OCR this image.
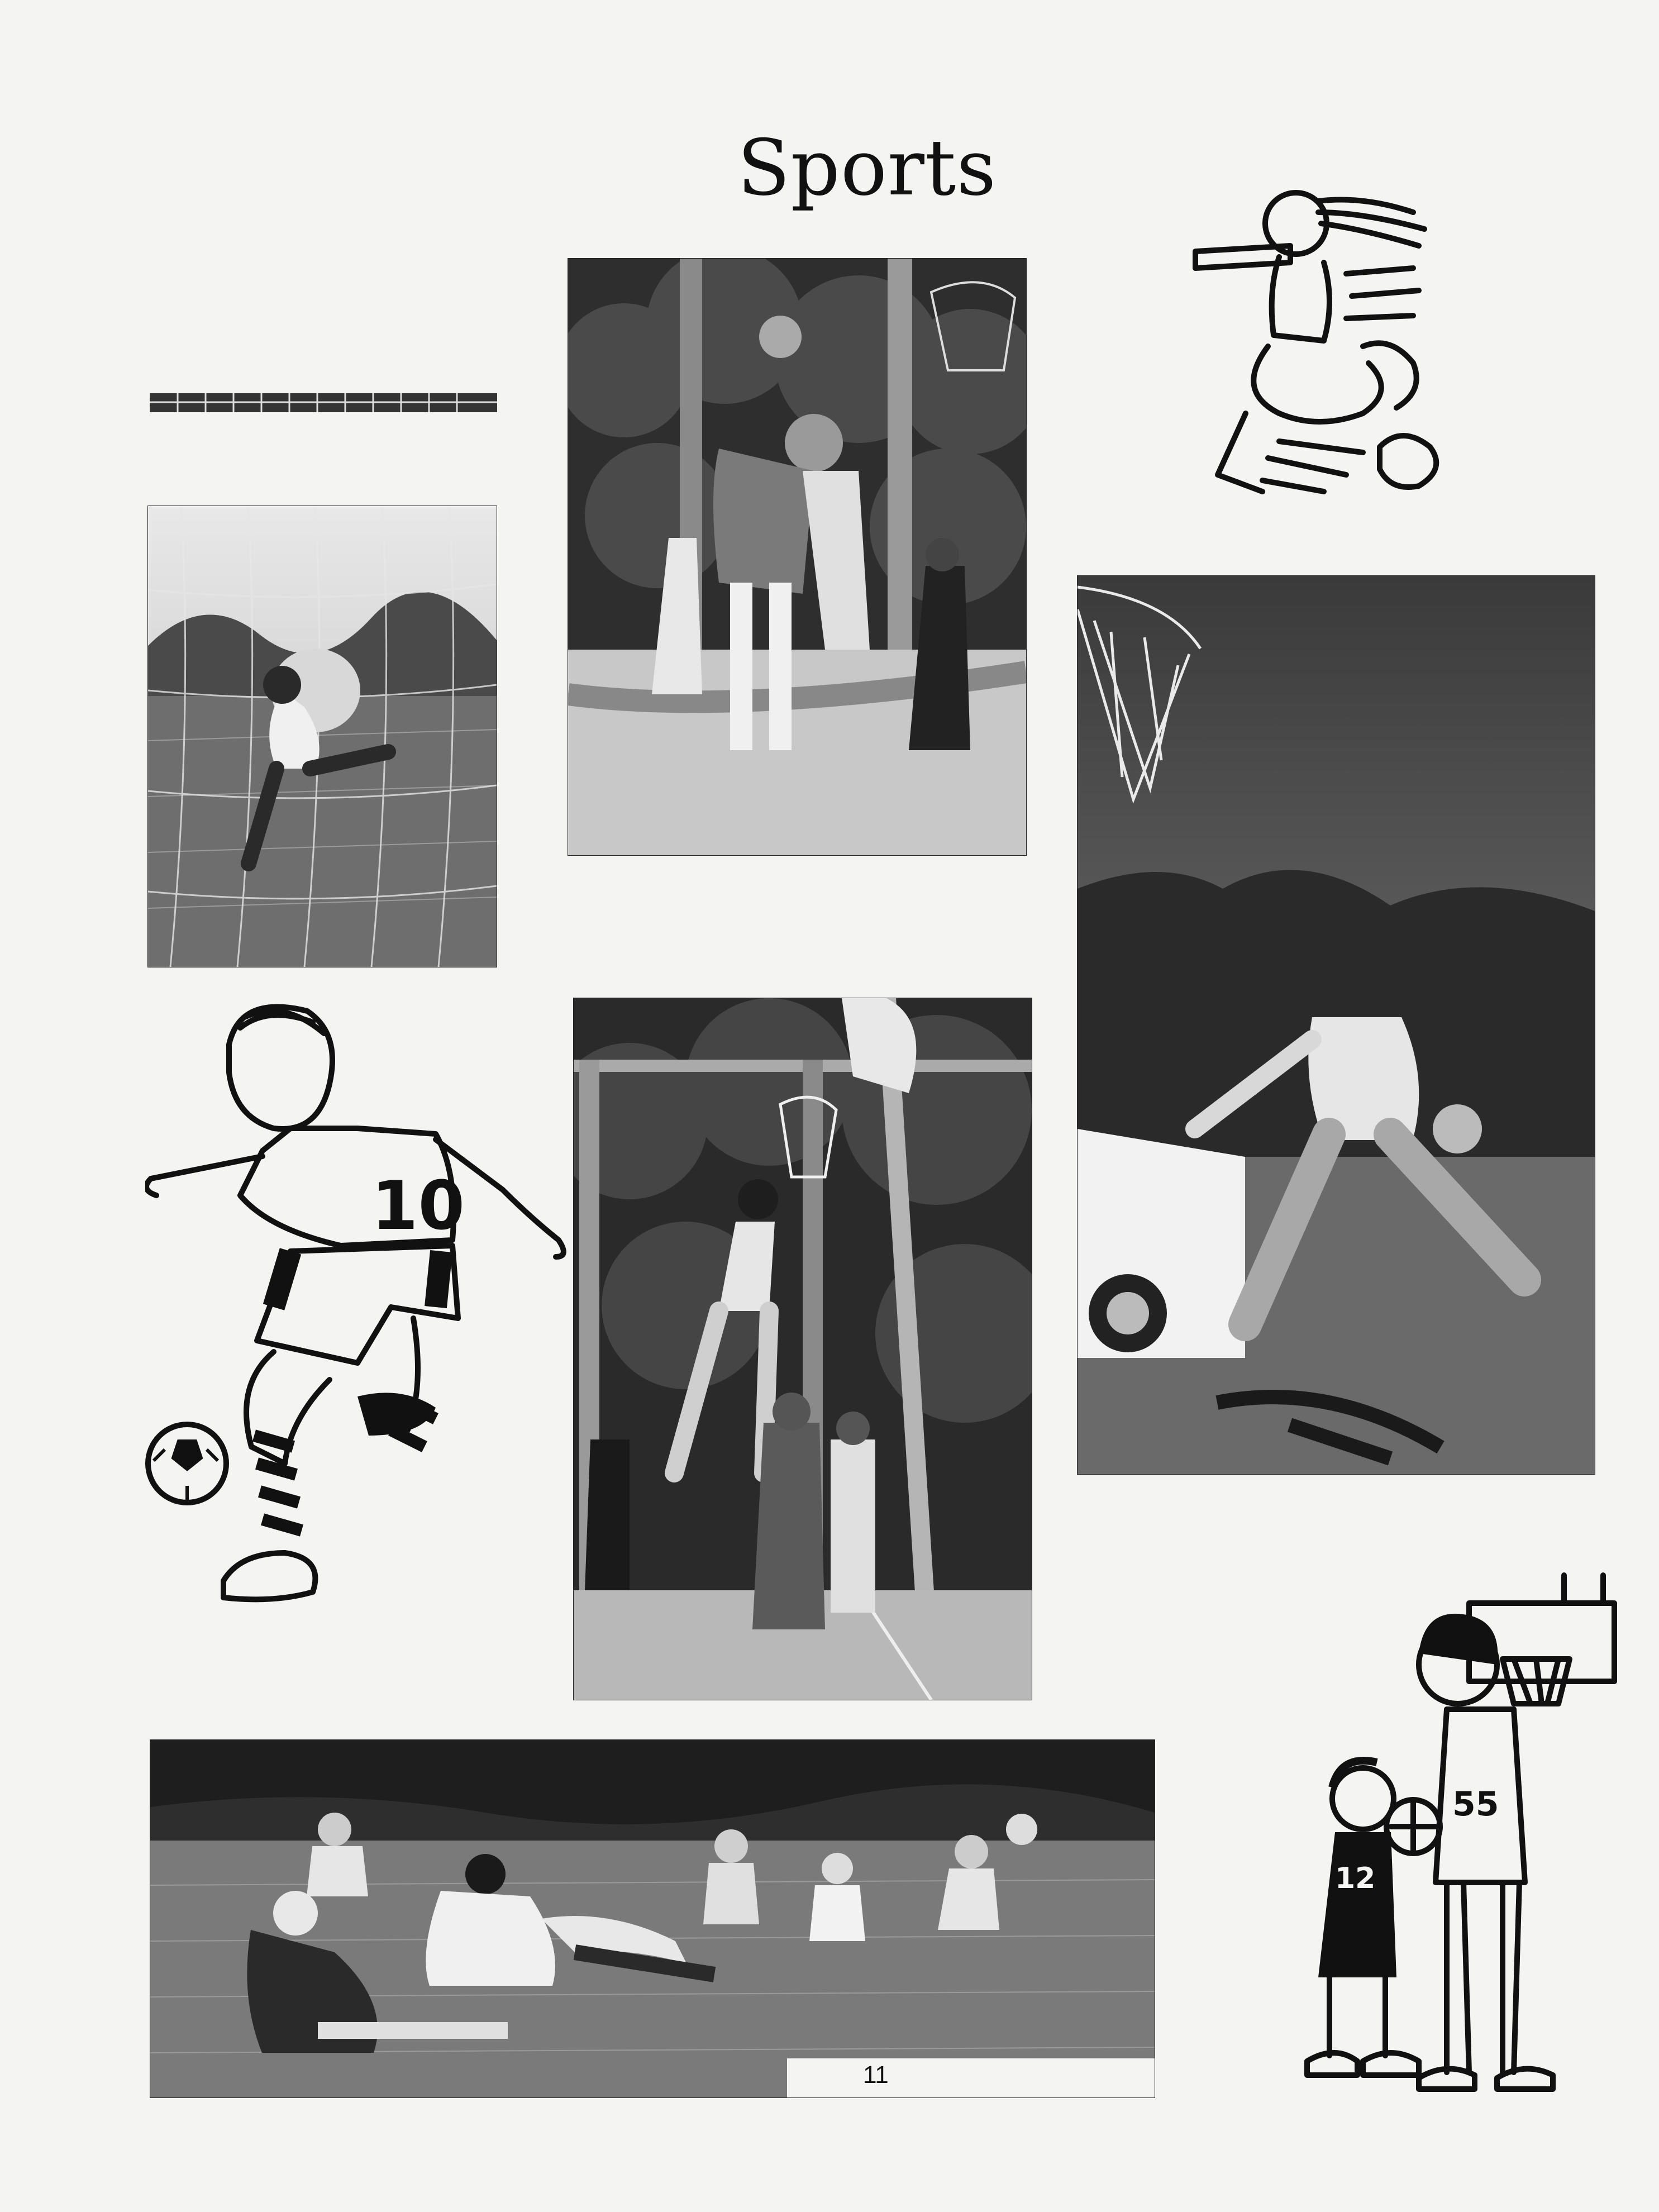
Sports
10
55
12
11
